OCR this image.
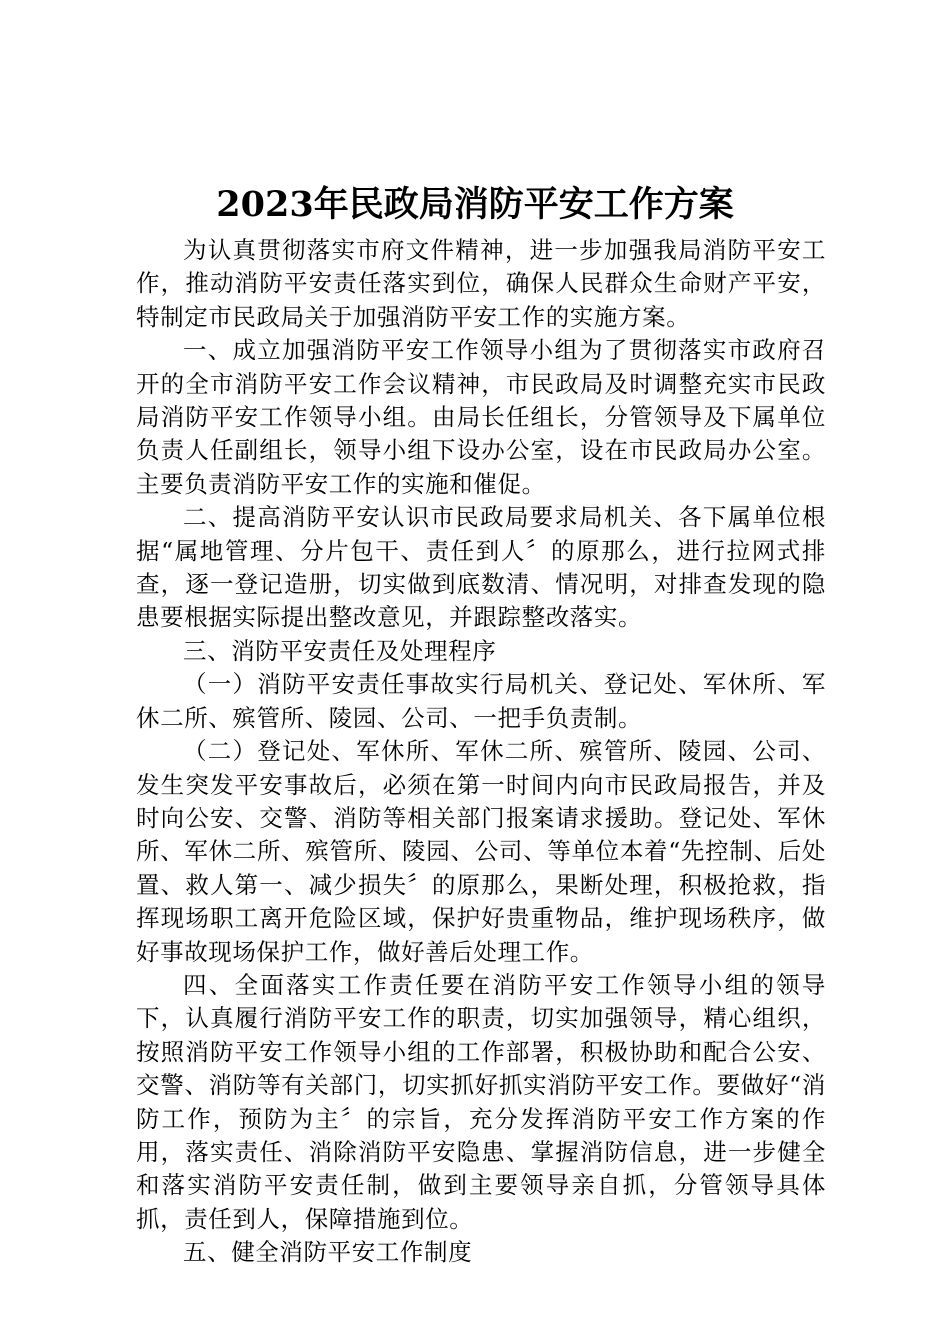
2023年民政局消防平安工作方案

为认真贯彻落实市府文件精神，进一步加强我局消防平安工作，推动消防平安责任落实到位，确保人民群众生命财产平安，特制定市民政局关于加强消防平安工作的实施方案。

一、成立加强消防平安工作领导小组为了贯彻落实市政府召开的全市消防平安工作会议精神，市民政局及时调整充实市民政局消防平安工作领导小组。由局长任组长，分管领导及下属单位负责人任副组长，领导小组下设办公室，设在市民政局办公室。主要负责消防平安工作的实施和催促。

二、提高消防平安认识市民政局要求局机关、各下属单位根据“属地管理、分片包干、责任到人〞的原那么，进行拉网式排查，逐一登记造册，切实做到底数清、情况明，对排查发现的隐患要根据实际提出整改意见，并跟踪整改落实。

三、消防平安责任及处理程序

（一）消防平安责任事故实行局机关、登记处、军休所、军休二所、殡管所、陵园、公司、一把手负责制。

（二）登记处、军休所、军休二所、殡管所、陵园、公司、发生突发平安事故后，必须在第一时间内向市民政局报告，并及时向公安、交警、消防等相关部门报案请求援助。登记处、军休所、军休二所、殡管所、陵园、公司、等单位本着“先控制、后处置、救人第一、减少损失〞的原那么，果断处理，积极抢救，指挥现场职工离开危险区域，保护好贵重物品，维护现场秩序，做好事故现场保护工作，做好善后处理工作。

四、全面落实工作责任要在消防平安工作领导小组的领导下，认真履行消防平安工作的职责，切实加强领导，精心组织，按照消防平安工作领导小组的工作部署，积极协助和配合公安、交警、消防等有关部门，切实抓好抓实消防平安工作。要做好“消防工作，预防为主〞的宗旨，充分发挥消防平安工作方案的作用，落实责任、消除消防平安隐患、掌握消防信息，进一步健全和落实消防平安责任制，做到主要领导亲自抓，分管领导具体抓，责任到人，保障措施到位。

五、健全消防平安工作制度
